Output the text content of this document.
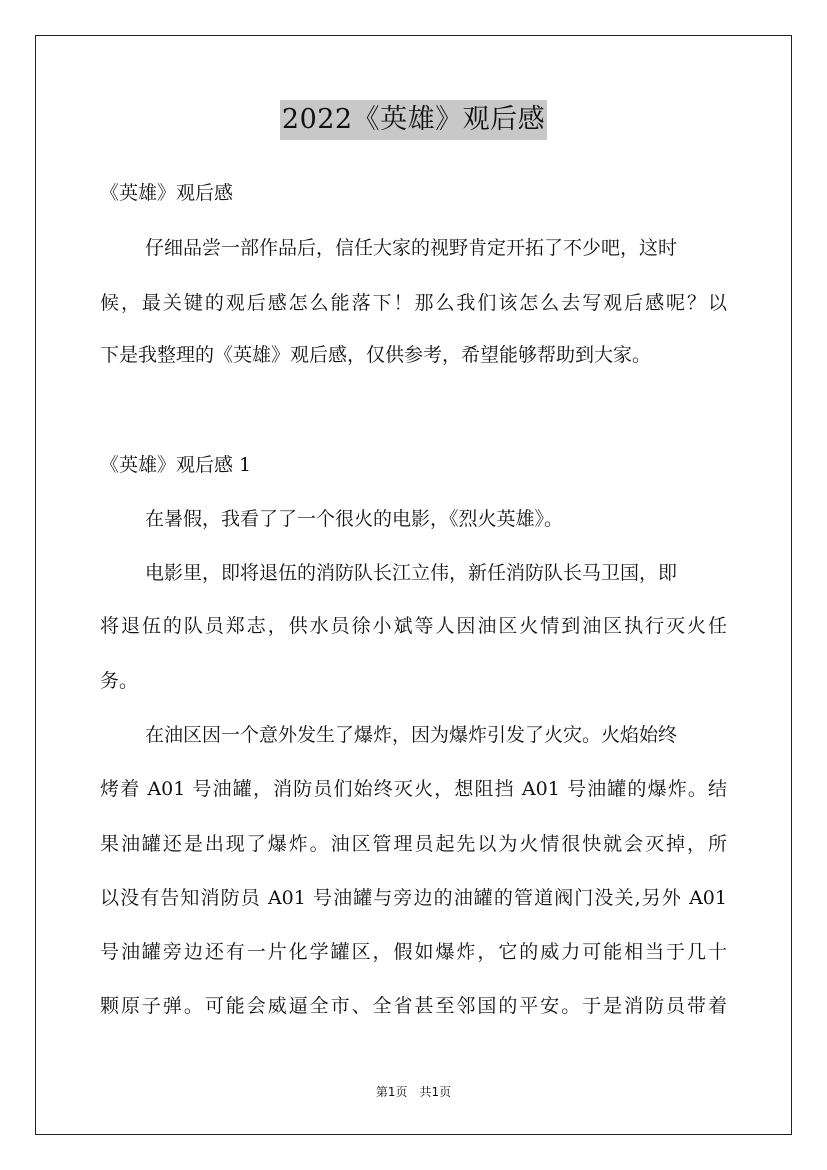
2022《英雄》观后感
《英雄》观后感
仔细品尝一部作品后，信任大家的视野肯定开拓了不少吧，这时
候，最关键的观后感怎么能落下！那么我们该怎么去写观后感呢？以
下是我整理的《英雄》观后感，仅供参考，希望能够帮助到大家。
《英雄》观后感 1
在暑假，我看了了一个很火的电影，《烈火英雄》。
电影里，即将退伍的消防队长江立伟，新任消防队长马卫国，即
将退伍的队员郑志，供水员徐小斌等人因油区火情到油区执行灭火任
务。
在油区因一个意外发生了爆炸，因为爆炸引发了火灾。火焰始终
烤着 A01 号油罐，消防员们始终灭火，想阻挡 A01 号油罐的爆炸。结
果油罐还是出现了爆炸。油区管理员起先以为火情很快就会灭掉，所
以没有告知消防员 A01 号油罐与旁边的油罐的管道阀门没关,另外 A01
号油罐旁边还有一片化学罐区，假如爆炸，它的威力可能相当于几十
颗原子弹。可能会威逼全市、全省甚至邻国的平安。于是消防员带着
第1页　共1页
